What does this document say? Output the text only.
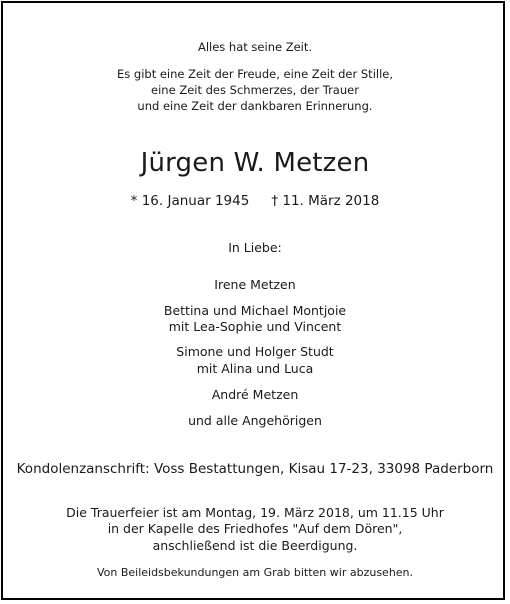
Alles hat seine Zeit.
Es gibt eine Zeit der Freude, eine Zeit der Stille,
eine Zeit des Schmerzes, der Trauer
und eine Zeit der dankbaren Erinnerung.
Jürgen W. Metzen
* 16. Januar 1945 † 11. März 2018
In Liebe:
Irene Metzen
Bettina und Michael Montjoie
mit Lea-Sophie und Vincent
Simone und Holger Studt
mit Alina und Luca
André Metzen
und alle Angehörigen
Kondolenzanschrift: Voss Bestattungen, Kisau 17-23, 33098 Paderborn
Die Trauerfeier ist am Montag, 19. März 2018, um 11.15 Uhr
in der Kapelle des Friedhofes "Auf dem Dören",
anschließend ist die Beerdigung.
Von Beileidsbekundungen am Grab bitten wir abzusehen.
